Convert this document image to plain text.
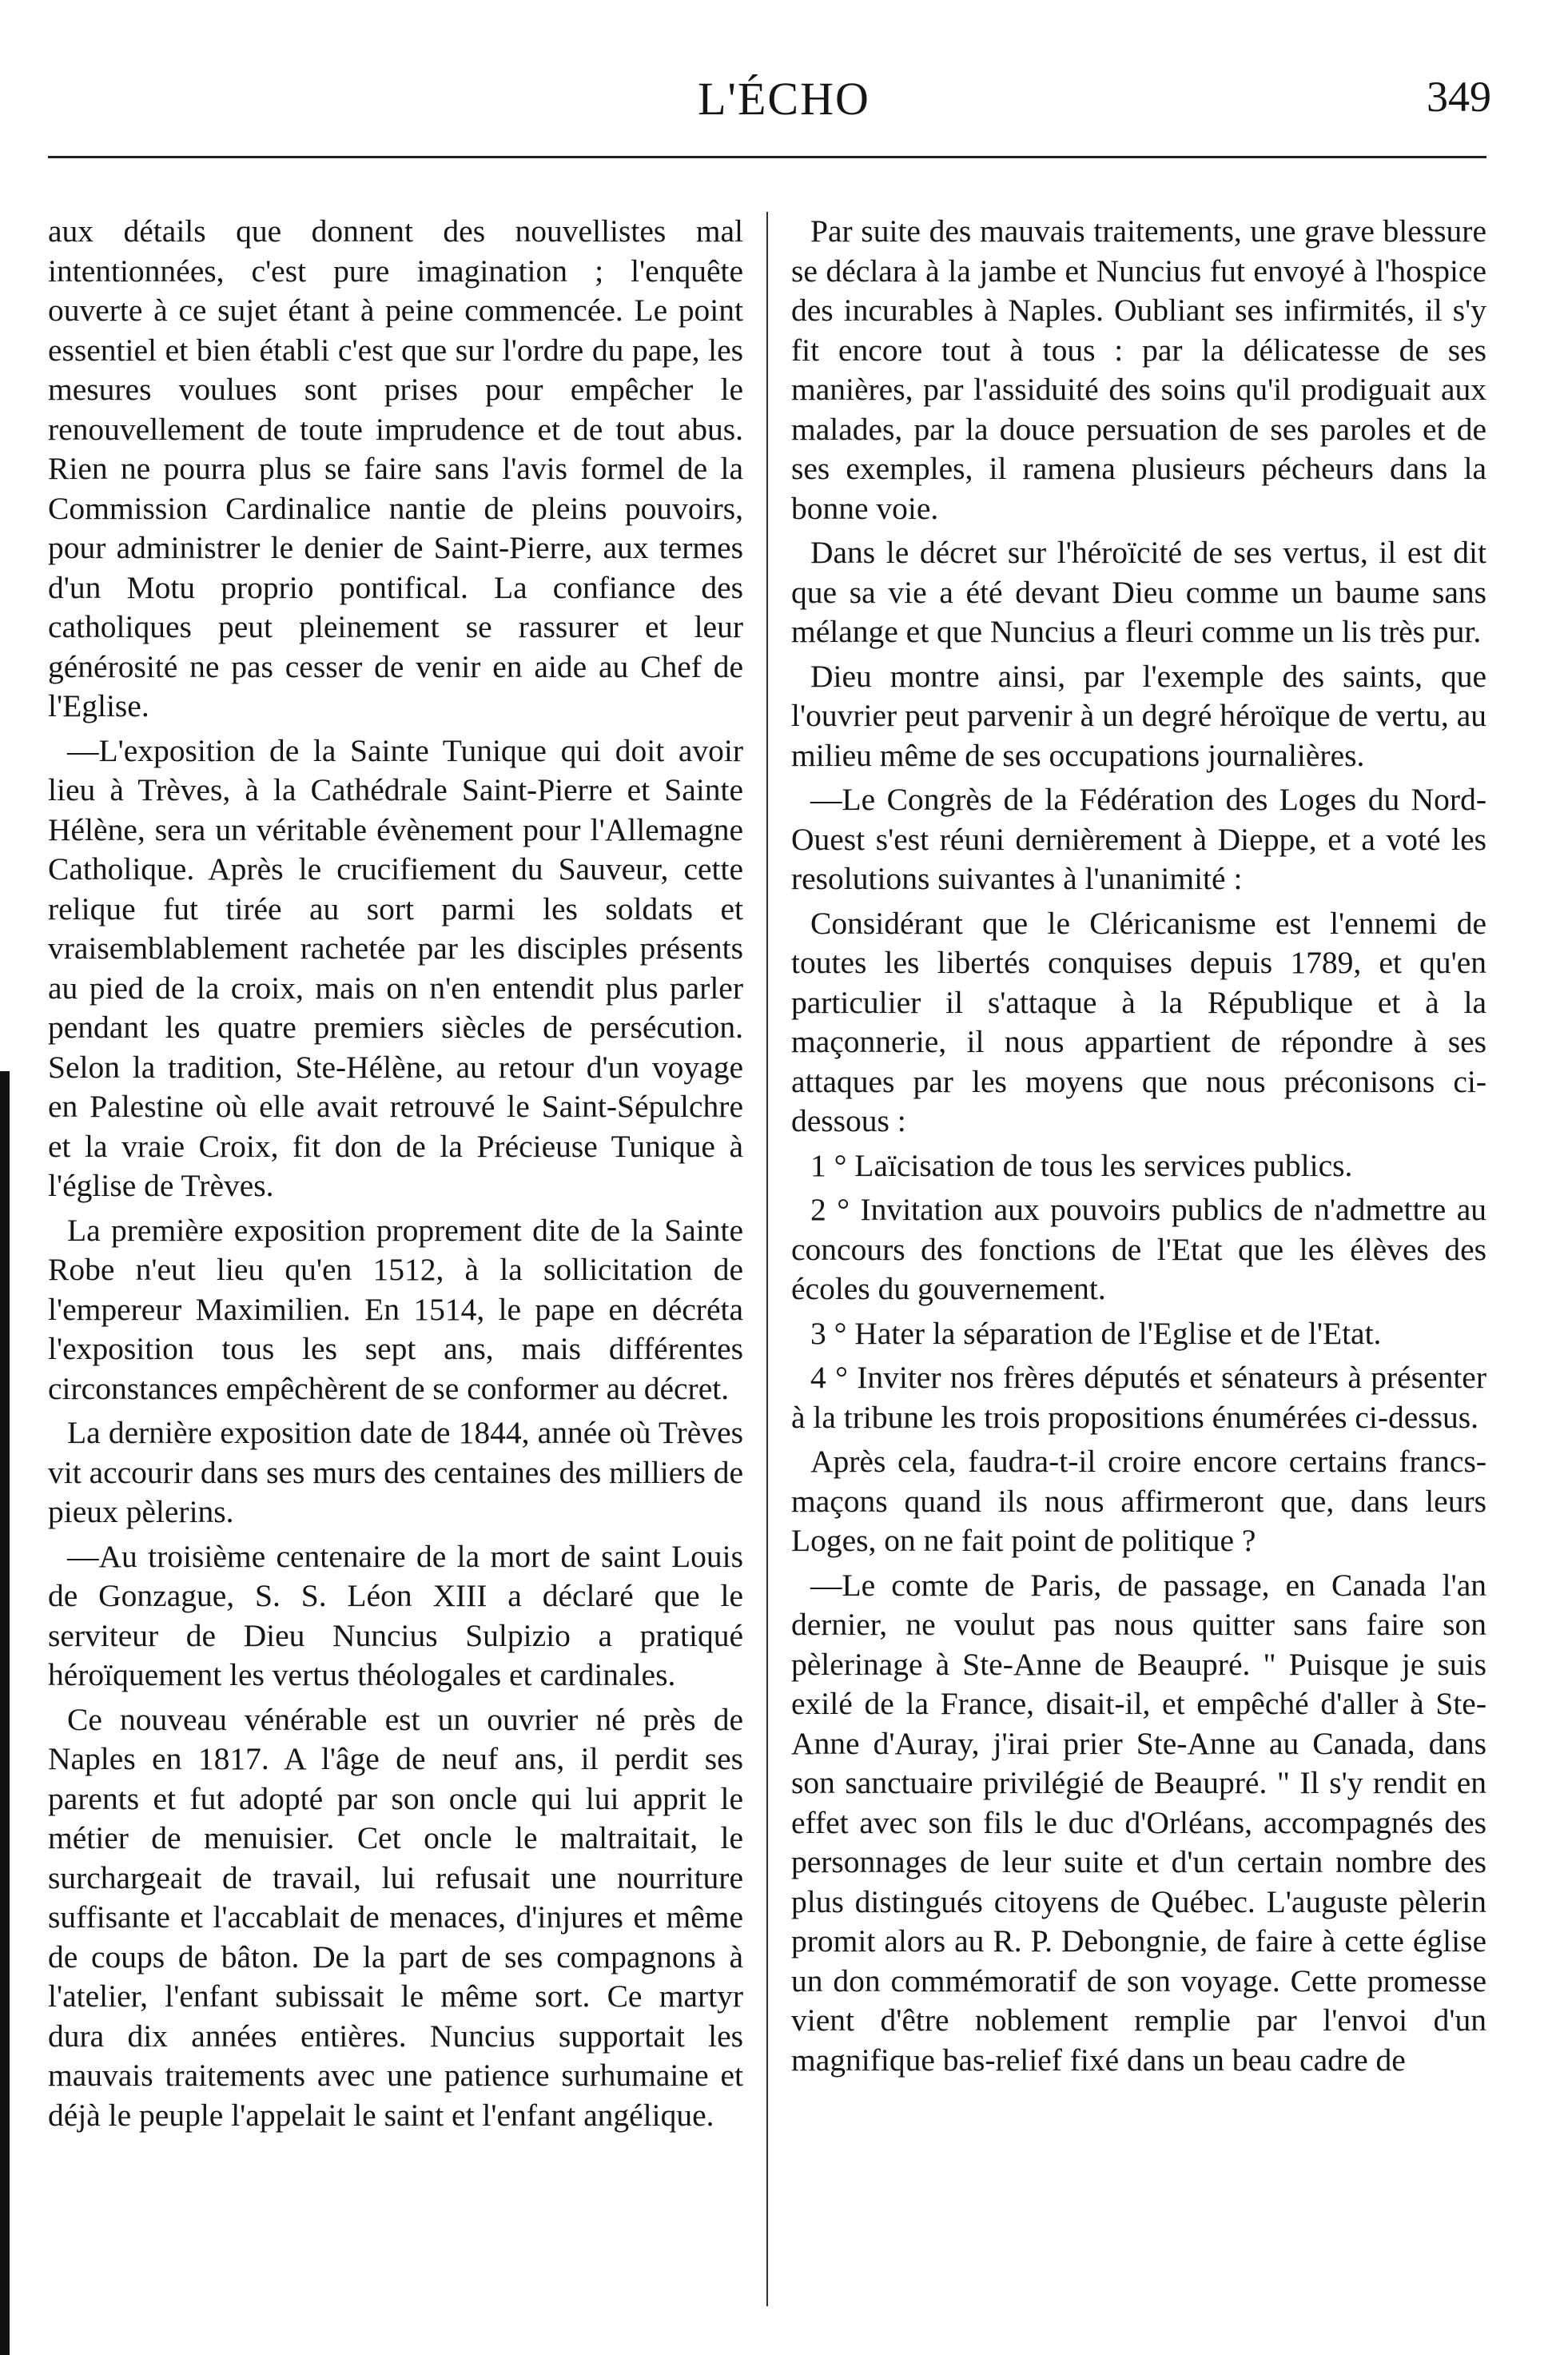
L'ÉCHO	349

aux détails que donnent des nouvellistes mal intentionnées, c'est pure imagination ; l'enquête ouverte à ce sujet étant à peine commencée. Le point essentiel et bien établi c'est que sur l'ordre du pape, les mesures voulues sont prises pour empêcher le renouvellement de toute imprudence et de tout abus. Rien ne pourra plus se faire sans l'avis formel de la Commission Cardinalice nantie de pleins pouvoirs, pour administrer le denier de Saint-Pierre, aux termes d'un Motu proprio pontifical. La confiance des catholiques peut pleinement se rassurer et leur générosité ne pas cesser de venir en aide au Chef de l'Eglise.

—L'exposition de la Sainte Tunique qui doit avoir lieu à Trèves, à la Cathédrale Saint-Pierre et Sainte Hélène, sera un véritable évènement pour l'Allemagne Catholique. Après le crucifiement du Sauveur, cette relique fut tirée au sort parmi les soldats et vraisemblablement rachetée par les disciples présents au pied de la croix, mais on n'en entendit plus parler pendant les quatre premiers siècles de persécution. Selon la tradition, Ste-Hélène, au retour d'un voyage en Palestine où elle avait retrouvé le Saint-Sépulchre et la vraie Croix, fit don de la Précieuse Tunique à l'église de Trèves.

La première exposition proprement dite de la Sainte Robe n'eut lieu qu'en 1512, à la sollicitation de l'empereur Maximilien. En 1514, le pape en décréta l'exposition tous les sept ans, mais différentes circonstances empêchèrent de se conformer au décret.

La dernière exposition date de 1844, année où Trèves vit accourir dans ses murs des centaines des milliers de pieux pèlerins.

—Au troisième centenaire de la mort de saint Louis de Gonzague, S. S. Léon XIII a déclaré que le serviteur de Dieu Nuncius Sulpizio a pratiqué héroïquement les vertus théologales et cardinales.

Ce nouveau vénérable est un ouvrier né près de Naples en 1817. A l'âge de neuf ans, il perdit ses parents et fut adopté par son oncle qui lui apprit le métier de menuisier. Cet oncle le maltraitait, le surchargeait de travail, lui refusait une nourriture suffisante et l'accablait de menaces, d'injures et même de coups de bâton. De la part de ses compagnons à l'atelier, l'enfant subissait le même sort. Ce martyr dura dix années entières. Nuncius supportait les mauvais traitements avec une patience surhumaine et déjà le peuple l'appelait le saint et l'enfant angélique.

Par suite des mauvais traitements, une grave blessure se déclara à la jambe et Nuncius fut envoyé à l'hospice des incurables à Naples. Oubliant ses infirmités, il s'y fit encore tout à tous : par la délicatesse de ses manières, par l'assiduité des soins qu'il prodiguait aux malades, par la douce persuation de ses paroles et de ses exemples, il ramena plusieurs pécheurs dans la bonne voie.

Dans le décret sur l'héroïcité de ses vertus, il est dit que sa vie a été devant Dieu comme un baume sans mélange et que Nuncius a fleuri comme un lis très pur.

Dieu montre ainsi, par l'exemple des saints, que l'ouvrier peut parvenir à un degré héroïque de vertu, au milieu même de ses occupations journalières.

—Le Congrès de la Fédération des Loges du Nord-Ouest s'est réuni dernièrement à Dieppe, et a voté les resolutions suivantes à l'unanimité :

Considérant que le Cléricanisme est l'ennemi de toutes les libertés conquises depuis 1789, et qu'en particulier il s'attaque à la République et à la maçonnerie, il nous appartient de répondre à ses attaques par les moyens que nous préconisons ci-dessous :

1 ° Laïcisation de tous les services publics.

2 ° Invitation aux pouvoirs publics de n'admettre au concours des fonctions de l'Etat que les élèves des écoles du gouvernement.

3 ° Hater la séparation de l'Eglise et de l'Etat.

4 ° Inviter nos frères députés et sénateurs à présenter à la tribune les trois propositions énumérées ci-dessus.

Après cela, faudra-t-il croire encore certains francs-maçons quand ils nous affirmeront que, dans leurs Loges, on ne fait point de politique ?

—Le comte de Paris, de passage, en Canada l'an dernier, ne voulut pas nous quitter sans faire son pèlerinage à Ste-Anne de Beaupré. " Puisque je suis exilé de la France, disait-il, et empêché d'aller à Ste-Anne d'Auray, j'irai prier Ste-Anne au Canada, dans son sanctuaire privilégié de Beaupré. " Il s'y rendit en effet avec son fils le duc d'Orléans, accompagnés des personnages de leur suite et d'un certain nombre des plus distingués citoyens de Québec. L'auguste pèlerin promit alors au R. P. Debongnie, de faire à cette église un don commémoratif de son voyage. Cette promesse vient d'être noblement remplie par l'envoi d'un magnifique bas-relief fixé dans un beau cadre de
